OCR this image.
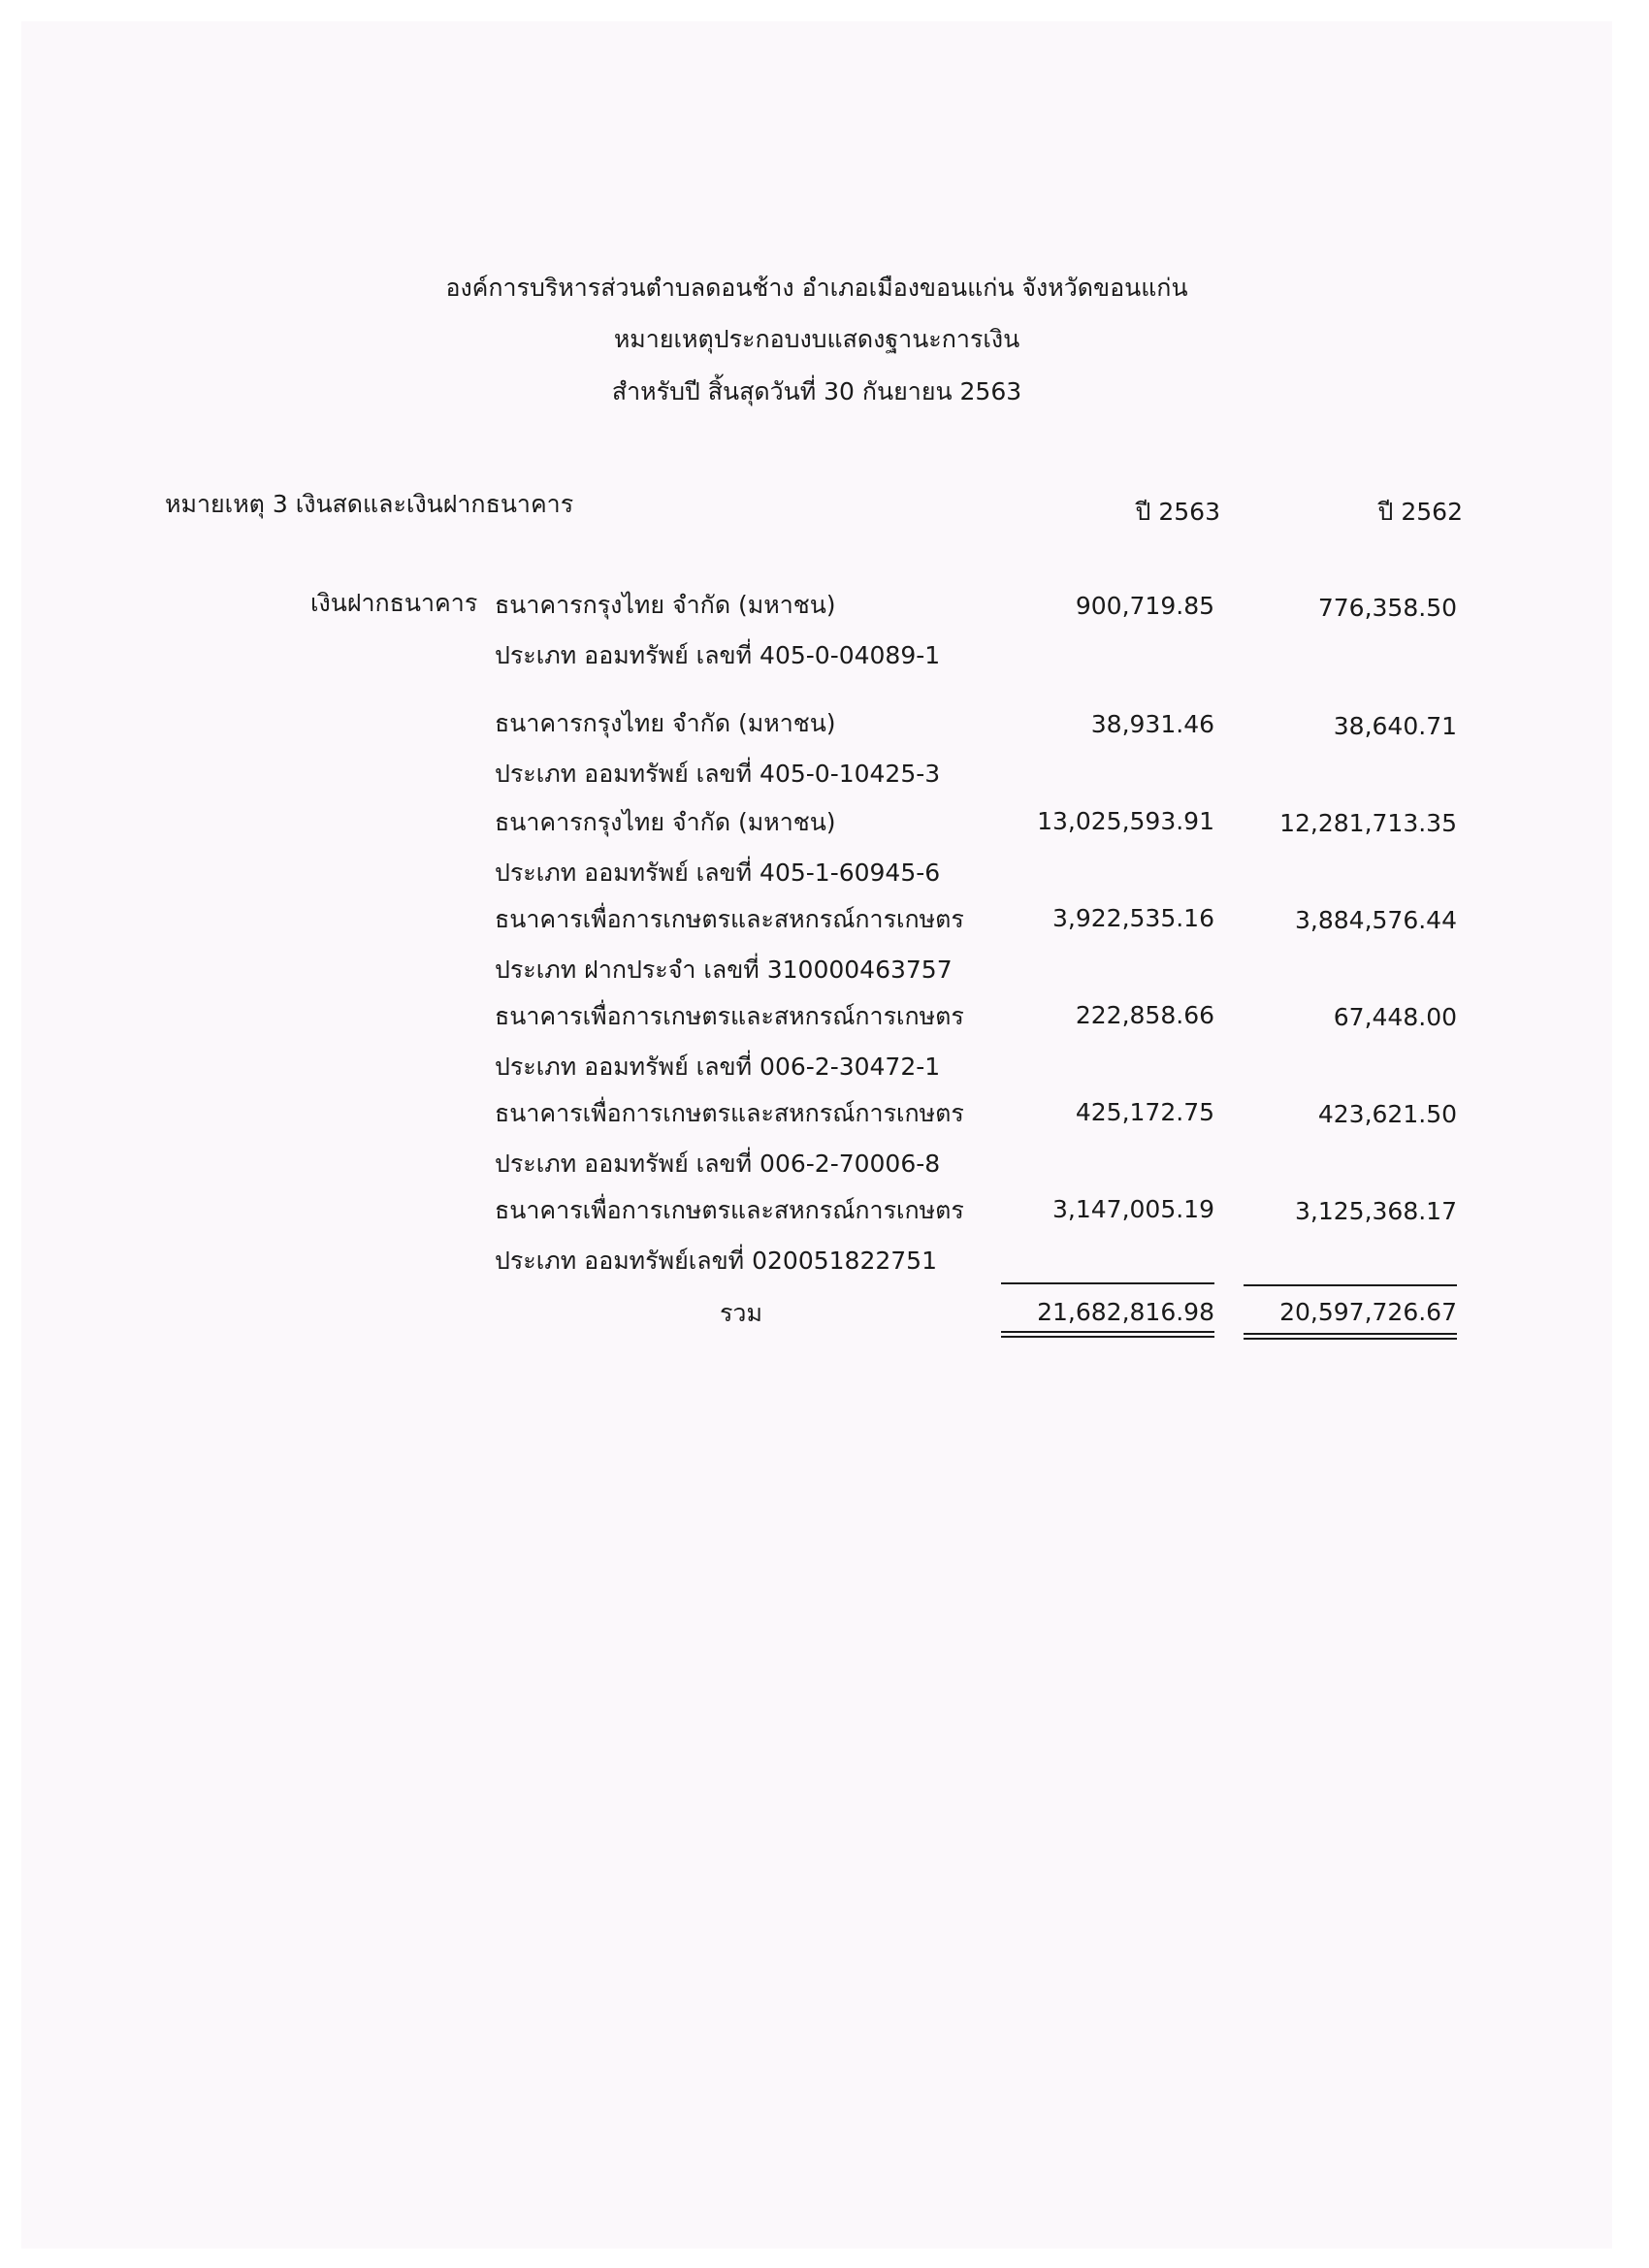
องค์การบริหารส่วนตำบลดอนช้าง อำเภอเมืองขอนแก่น จังหวัดขอนแก่น
หมายเหตุประกอบงบแสดงฐานะการเงิน
สำหรับปี สิ้นสุดวันที่ 30 กันยายน 2563
หมายเหตุ 3 เงินสดและเงินฝากธนาคาร	ปี 2563	ปี 2562
เงินฝากธนาคาร ธนาคารกรุงไทย จำกัด (มหาชน)
ประเภท ออมทรัพย์ เลขที่ 405-0-04089-1
900,719.85	776,358.50
ธนาคารกรุงไทย จำกัด (มหาชน)
ประเภท ออมทรัพย์ เลขที่ 405-0-10425-3
38,931.46	38,640.71
ธนาคารกรุงไทย จำกัด (มหาชน)
ประเภท ออมทรัพย์ เลขที่ 405-1-60945-6
13,025,593.91	12,281,713.35
ธนาคารเพื่อการเกษตรและสหกรณ์การเกษตร
ประเภท ฝากประจำ เลขที่ 310000463757
3,922,535.16	3,884,576.44
ธนาคารเพื่อการเกษตรและสหกรณ์การเกษตร
ประเภท ออมทรัพย์ เลขที่ 006-2-30472-1
222,858.66	67,448.00
ธนาคารเพื่อการเกษตรและสหกรณ์การเกษตร
ประเภท ออมทรัพย์ เลขที่ 006-2-70006-8
425,172.75	423,621.50
ธนาคารเพื่อการเกษตรและสหกรณ์การเกษตร
ประเภท ออมทรัพย์เลขที่ 020051822751
3,147,005.19	3,125,368.17
รวม	21,682,816.98	20,597,726.67
